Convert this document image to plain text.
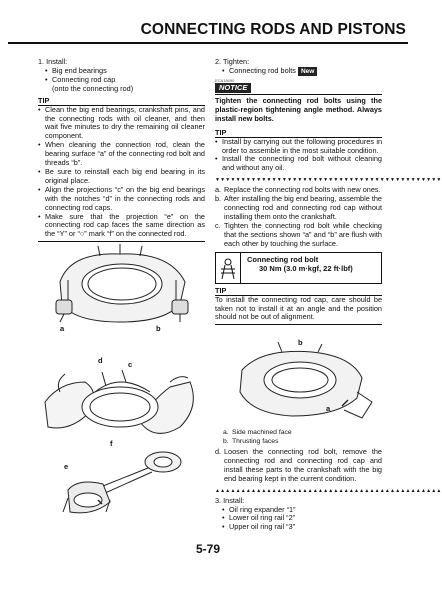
CONNECTING RODS AND PISTONS
1. Install:
• Big end bearings
• Connecting rod cap
(onto the connecting rod)
TIP
• Clean the big end bearings, crankshaft pins, and the connecting rods with oil cleaner, and then wait five minutes to dry the remaining oil cleaner component.
• When cleaning the connection rod, clean the bearing surface “a” of the connecting rod bolt and threads “b”.
• Be sure to reinstall each big end bearing in its original place.
• Align the projections “c” on the big end bearings with the notches “d” in the connecting rods and connecting rod caps.
• Make sure that the projection “e” on the connecting rod cap faces the same direction as the “Y” or “○” mark “f” on the connected rod.
a	b
d	c
f
e
2. Tighten:
• Connecting rod bolts New
ECA18090
NOTICE
Tighten the connecting rod bolts using the plastic-region tightening angle method. Always install new bolts.
TIP
• Install by carrying out the following procedures in order to assemble in the most suitable condition.
• Install the connecting rod bolt without cleaning and without any oil.
▼▼▼▼▼▼▼▼▼▼▼▼▼▼▼▼▼▼▼▼▼▼▼▼▼▼▼▼▼▼▼▼▼▼▼▼▼▼▼▼▼▼▼▼
a. Replace the connecting rod bolts with new ones.
b. After installing the big end bearing, assemble the connecting rod and connecting rod cap without installing them onto the crankshaft.
c. Tighten the connecting rod bolt while checking that the sections shown “a” and “b” are flush with each other by touching the surface.
Connecting rod bolt
30 Nm (3.0 m·kgf, 22 ft·lbf)
TIP
To install the connecting rod cap, care should be taken not to install it at an angle and the position should not be out of alignment.
b
a
a. Side machined face
b. Thrusting faces
d. Loosen the connecting rod bolt, remove the connecting rod and connecting rod cap and install these parts to the crankshaft with the big end bearing kept in the current condition.
▲▲▲▲▲▲▲▲▲▲▲▲▲▲▲▲▲▲▲▲▲▲▲▲▲▲▲▲▲▲▲▲▲▲▲▲▲▲▲▲▲▲▲▲
3. Install:
• Oil ring expander “1”
• Lower oil ring rail “2”
• Upper oil ring rail “3”
5-79
